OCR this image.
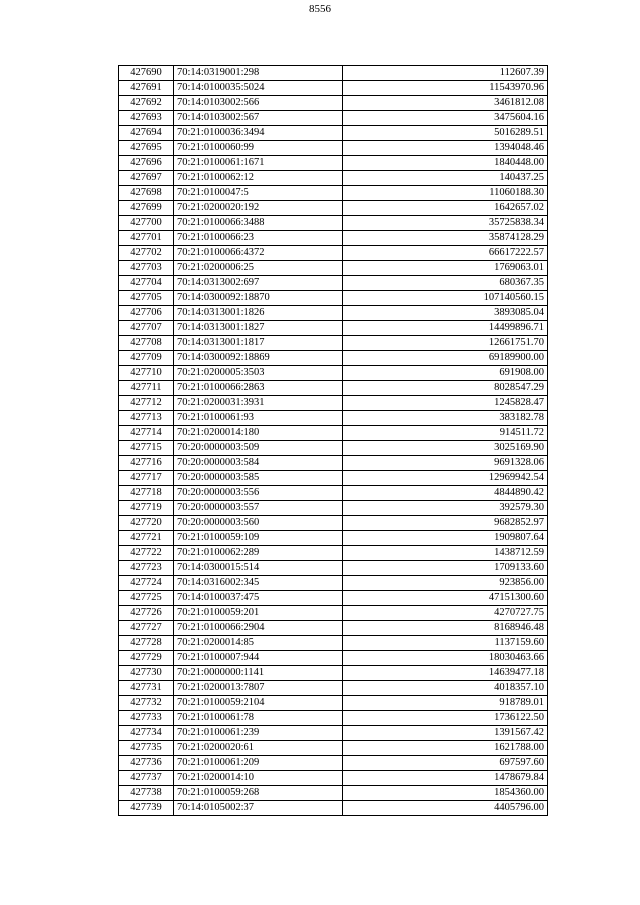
8556
427690	70:14:0319001:298	112607.39
427691	70:14:0100035:5024	11543970.96
427692	70:14:0103002:566	3461812.08
427693	70:14:0103002:567	3475604.16
427694	70:21:0100036:3494	5016289.51
427695	70:21:0100060:99	1394048.46
427696	70:21:0100061:1671	1840448.00
427697	70:21:0100062:12	140437.25
427698	70:21:0100047:5	11060188.30
427699	70:21:0200020:192	1642657.02
427700	70:21:0100066:3488	35725838.34
427701	70:21:0100066:23	35874128.29
427702	70:21:0100066:4372	66617222.57
427703	70:21:0200006:25	1769063.01
427704	70:14:0313002:697	680367.35
427705	70:14:0300092:18870	107140560.15
427706	70:14:0313001:1826	3893085.04
427707	70:14:0313001:1827	14499896.71
427708	70:14:0313001:1817	12661751.70
427709	70:14:0300092:18869	69189900.00
427710	70:21:0200005:3503	691908.00
427711	70:21:0100066:2863	8028547.29
427712	70:21:0200031:3931	1245828.47
427713	70:21:0100061:93	383182.78
427714	70:21:0200014:180	914511.72
427715	70:20:0000003:509	3025169.90
427716	70:20:0000003:584	9691328.06
427717	70:20:0000003:585	12969942.54
427718	70:20:0000003:556	4844890.42
427719	70:20:0000003:557	392579.30
427720	70:20:0000003:560	9682852.97
427721	70:21:0100059:109	1909807.64
427722	70:21:0100062:289	1438712.59
427723	70:14:0300015:514	1709133.60
427724	70:14:0316002:345	923856.00
427725	70:14:0100037:475	47151300.60
427726	70:21:0100059:201	4270727.75
427727	70:21:0100066:2904	8168946.48
427728	70:21:0200014:85	1137159.60
427729	70:21:0100007:944	18030463.66
427730	70:21:0000000:1141	14639477.18
427731	70:21:0200013:7807	4018357.10
427732	70:21:0100059:2104	918789.01
427733	70:21:0100061:78	1736122.50
427734	70:21:0100061:239	1391567.42
427735	70:21:0200020:61	1621788.00
427736	70:21:0100061:209	697597.60
427737	70:21:0200014:10	1478679.84
427738	70:21:0100059:268	1854360.00
427739	70:14:0105002:37	4405796.00
